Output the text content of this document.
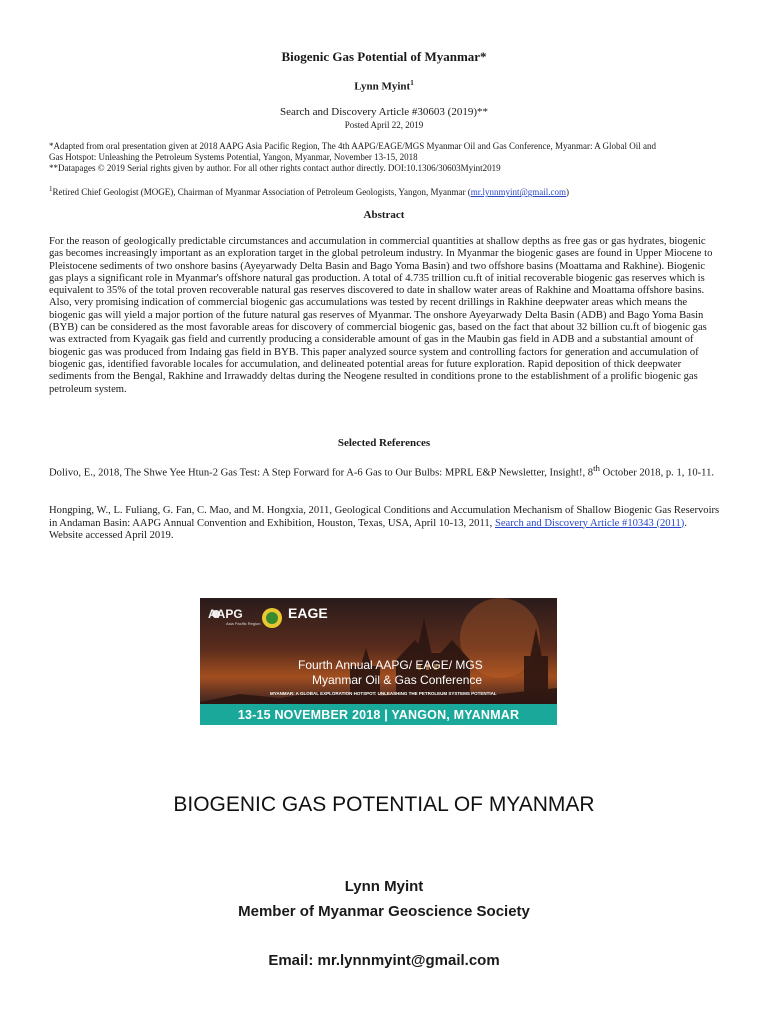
Biogenic Gas Potential of Myanmar*
Lynn Myint$^1$
Search and Discovery Article #30603 (2019)**
Posted April 22, 2019
*Adapted from oral presentation given at 2018 AAPG Asia Pacific Region, The 4th AAPG/EAGE/MGS Myanmar Oil and Gas Conference, Myanmar: A Global Oil and
Gas Hotspot: Unleashing the Petroleum Systems Potential, Yangon, Myanmar, November 13-15, 2018
**Datapages © 2019 Serial rights given by author. For all other rights contact author directly. DOI:10.1306/30603Myint2019
$^1$Retired Chief Geologist (MOGE), Chairman of Myanmar Association of Petroleum Geologists, Yangon, Myanmar (mr.lynnmyint@gmail.com)
Abstract

For the reason of geologically predictable circumstances and accumulation in commercial quantities at shallow depths as free gas or gas hydrates, biogenic gas becomes increasingly important as an exploration target in the global petroleum industry. In Myanmar the biogenic gases are found in Upper Miocene to Pleistocene sediments of two onshore basins (Ayeyarwady Delta Basin and Bago Yoma Basin) and two offshore basins (Moattama and Rakhine). Biogenic gas plays a significant role in Myanmar's offshore natural gas production. A total of 4.735 trillion cu.ft of initial recoverable biogenic gas reserves which is equivalent to 35% of the total proven recoverable natural gas reserves discovered to date in shallow water areas of Rakhine and Moattama offshore basins. Also, very promising indication of commercial biogenic gas accumulations was tested by recent drillings in Rakhine deepwater areas which means the biogenic gas will yield a major portion of the future natural gas reserves of Myanmar. The onshore Ayeyarwady Delta Basin (ADB) and Bago Yoma Basin (BYB) can be considered as the most favorable areas for discovery of commercial biogenic gas, based on the fact that about 32 billion cu.ft of biogenic gas was extracted from Kyagaik gas field and currently producing a considerable amount of gas in the Maubin gas field in ADB and a substantial amount of biogenic gas was produced from Indaing gas field in BYB. This paper analyzed source system and controlling factors for generation and accumulation of biogenic gas, identified favorable locales for accumulation, and delineated potential areas for future exploration. Rapid deposition of thick deepwater sediments from the Bengal, Rakhine and Irrawaddy deltas during the Neogene resulted in conditions prone to the establishment of a prolific biogenic gas petroleum system.

Selected References

Dolivo, E., 2018, The Shwe Yee Htun-2 Gas Test: A Step Forward for A-6 Gas to Our Bulbs: MPRL E&P Newsletter, Insight!, 8th October 2018, p. 1, 10-11.

Hongping, W., L. Fuliang, G. Fan, C. Mao, and M. Hongxia, 2011, Geological Conditions and Accumulation Mechanism of Shallow Biogenic Gas Reservoirs in Andaman Basin: AAPG Annual Convention and Exhibition, Houston, Texas, USA, April 10-13, 2011, Search and Discovery Article #10343 (2011). Website accessed April 2019.

AAPG
Asia Pacific Region
EAGE
Fourth Annual AAPG/ EAGE/ MGS
Myanmar Oil & Gas Conference
MYANMAR: A GLOBAL EXPLORATION HOTSPOT: UNLEASHING THE PETROLEUM SYSTEMS POTENTIAL
13-15 NOVEMBER 2018 | YANGON, MYANMAR
BIOGENIC GAS POTENTIAL OF MYANMAR
Lynn Myint
Member of Myanmar Geoscience Society
Email: mr.lynnmyint@gmail.com
